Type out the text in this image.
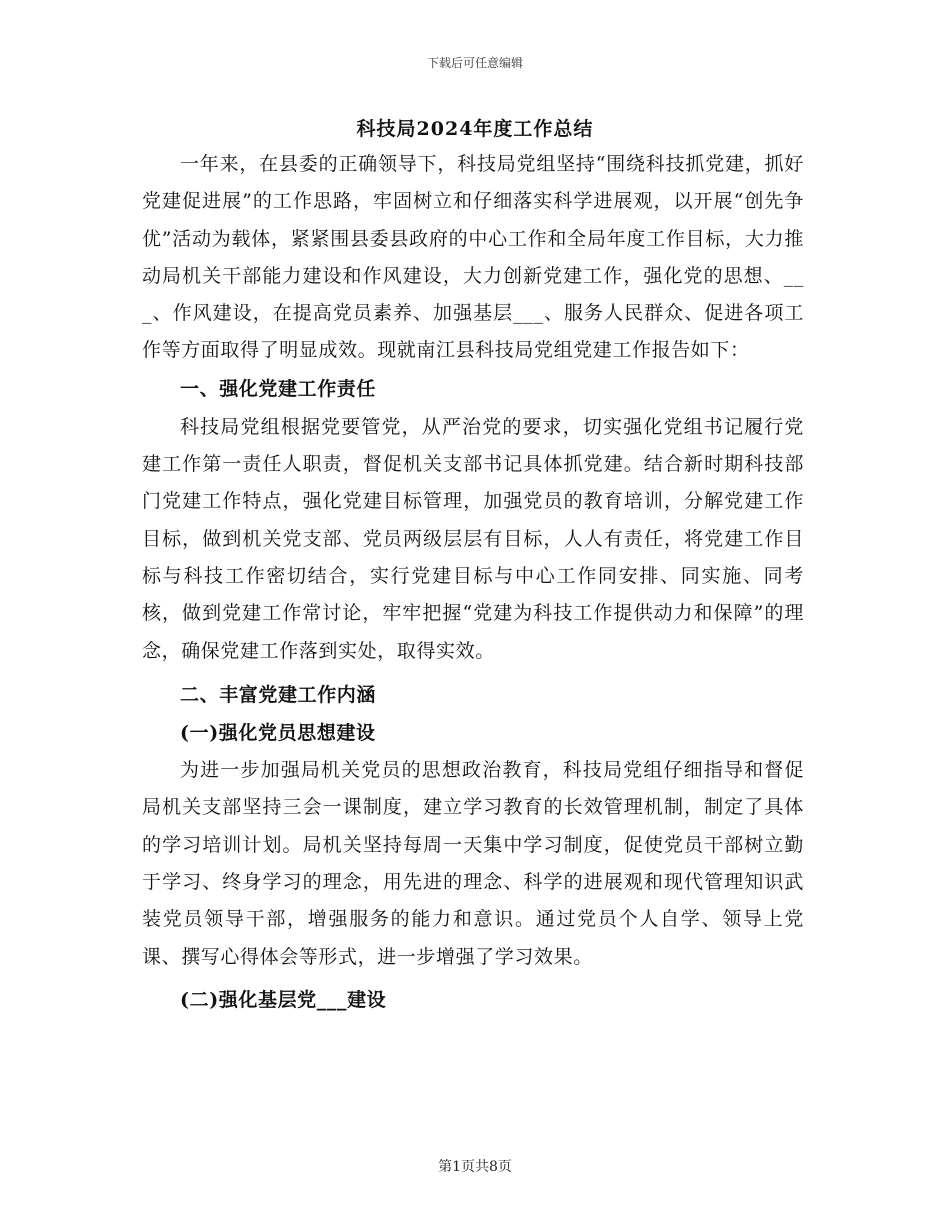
下载后可任意编辑
科技局2024年度工作总结

一年来，在县委的正确领导下，科技局党组坚持“围绕科技抓党建，抓好党建促进展”的工作思路，牢固树立和仔细落实科学进展观，以开展“创先争优”活动为载体，紧紧围县委县政府的中心工作和全局年度工作目标，大力推动局机关干部能力建设和作风建设，大力创新党建工作，强化党的思想、___、作风建设，在提高党员素养、加强基层___、服务人民群众、促进各项工作等方面取得了明显成效。现就南江县科技局党组党建工作报告如下：

一、强化党建工作责任

科技局党组根据党要管党，从严治党的要求，切实强化党组书记履行党建工作第一责任人职责，督促机关支部书记具体抓党建。结合新时期科技部门党建工作特点，强化党建目标管理，加强党员的教育培训，分解党建工作目标，做到机关党支部、党员两级层层有目标，人人有责任，将党建工作目标与科技工作密切结合，实行党建目标与中心工作同安排、同实施、同考核，做到党建工作常讨论，牢牢把握“党建为科技工作提供动力和保障”的理念，确保党建工作落到实处，取得实效。

二、丰富党建工作内涵

(一)强化党员思想建设

为进一步加强局机关党员的思想政治教育，科技局党组仔细指导和督促局机关支部坚持三会一课制度，建立学习教育的长效管理机制，制定了具体的学习培训计划。局机关坚持每周一天集中学习制度，促使党员干部树立勤于学习、终身学习的理念，用先进的理念、科学的进展观和现代管理知识武装党员领导干部，增强服务的能力和意识。通过党员个人自学、领导上党课、撰写心得体会等形式，进一步增强了学习效果。

(二)强化基层党___建设

第1页共8页
